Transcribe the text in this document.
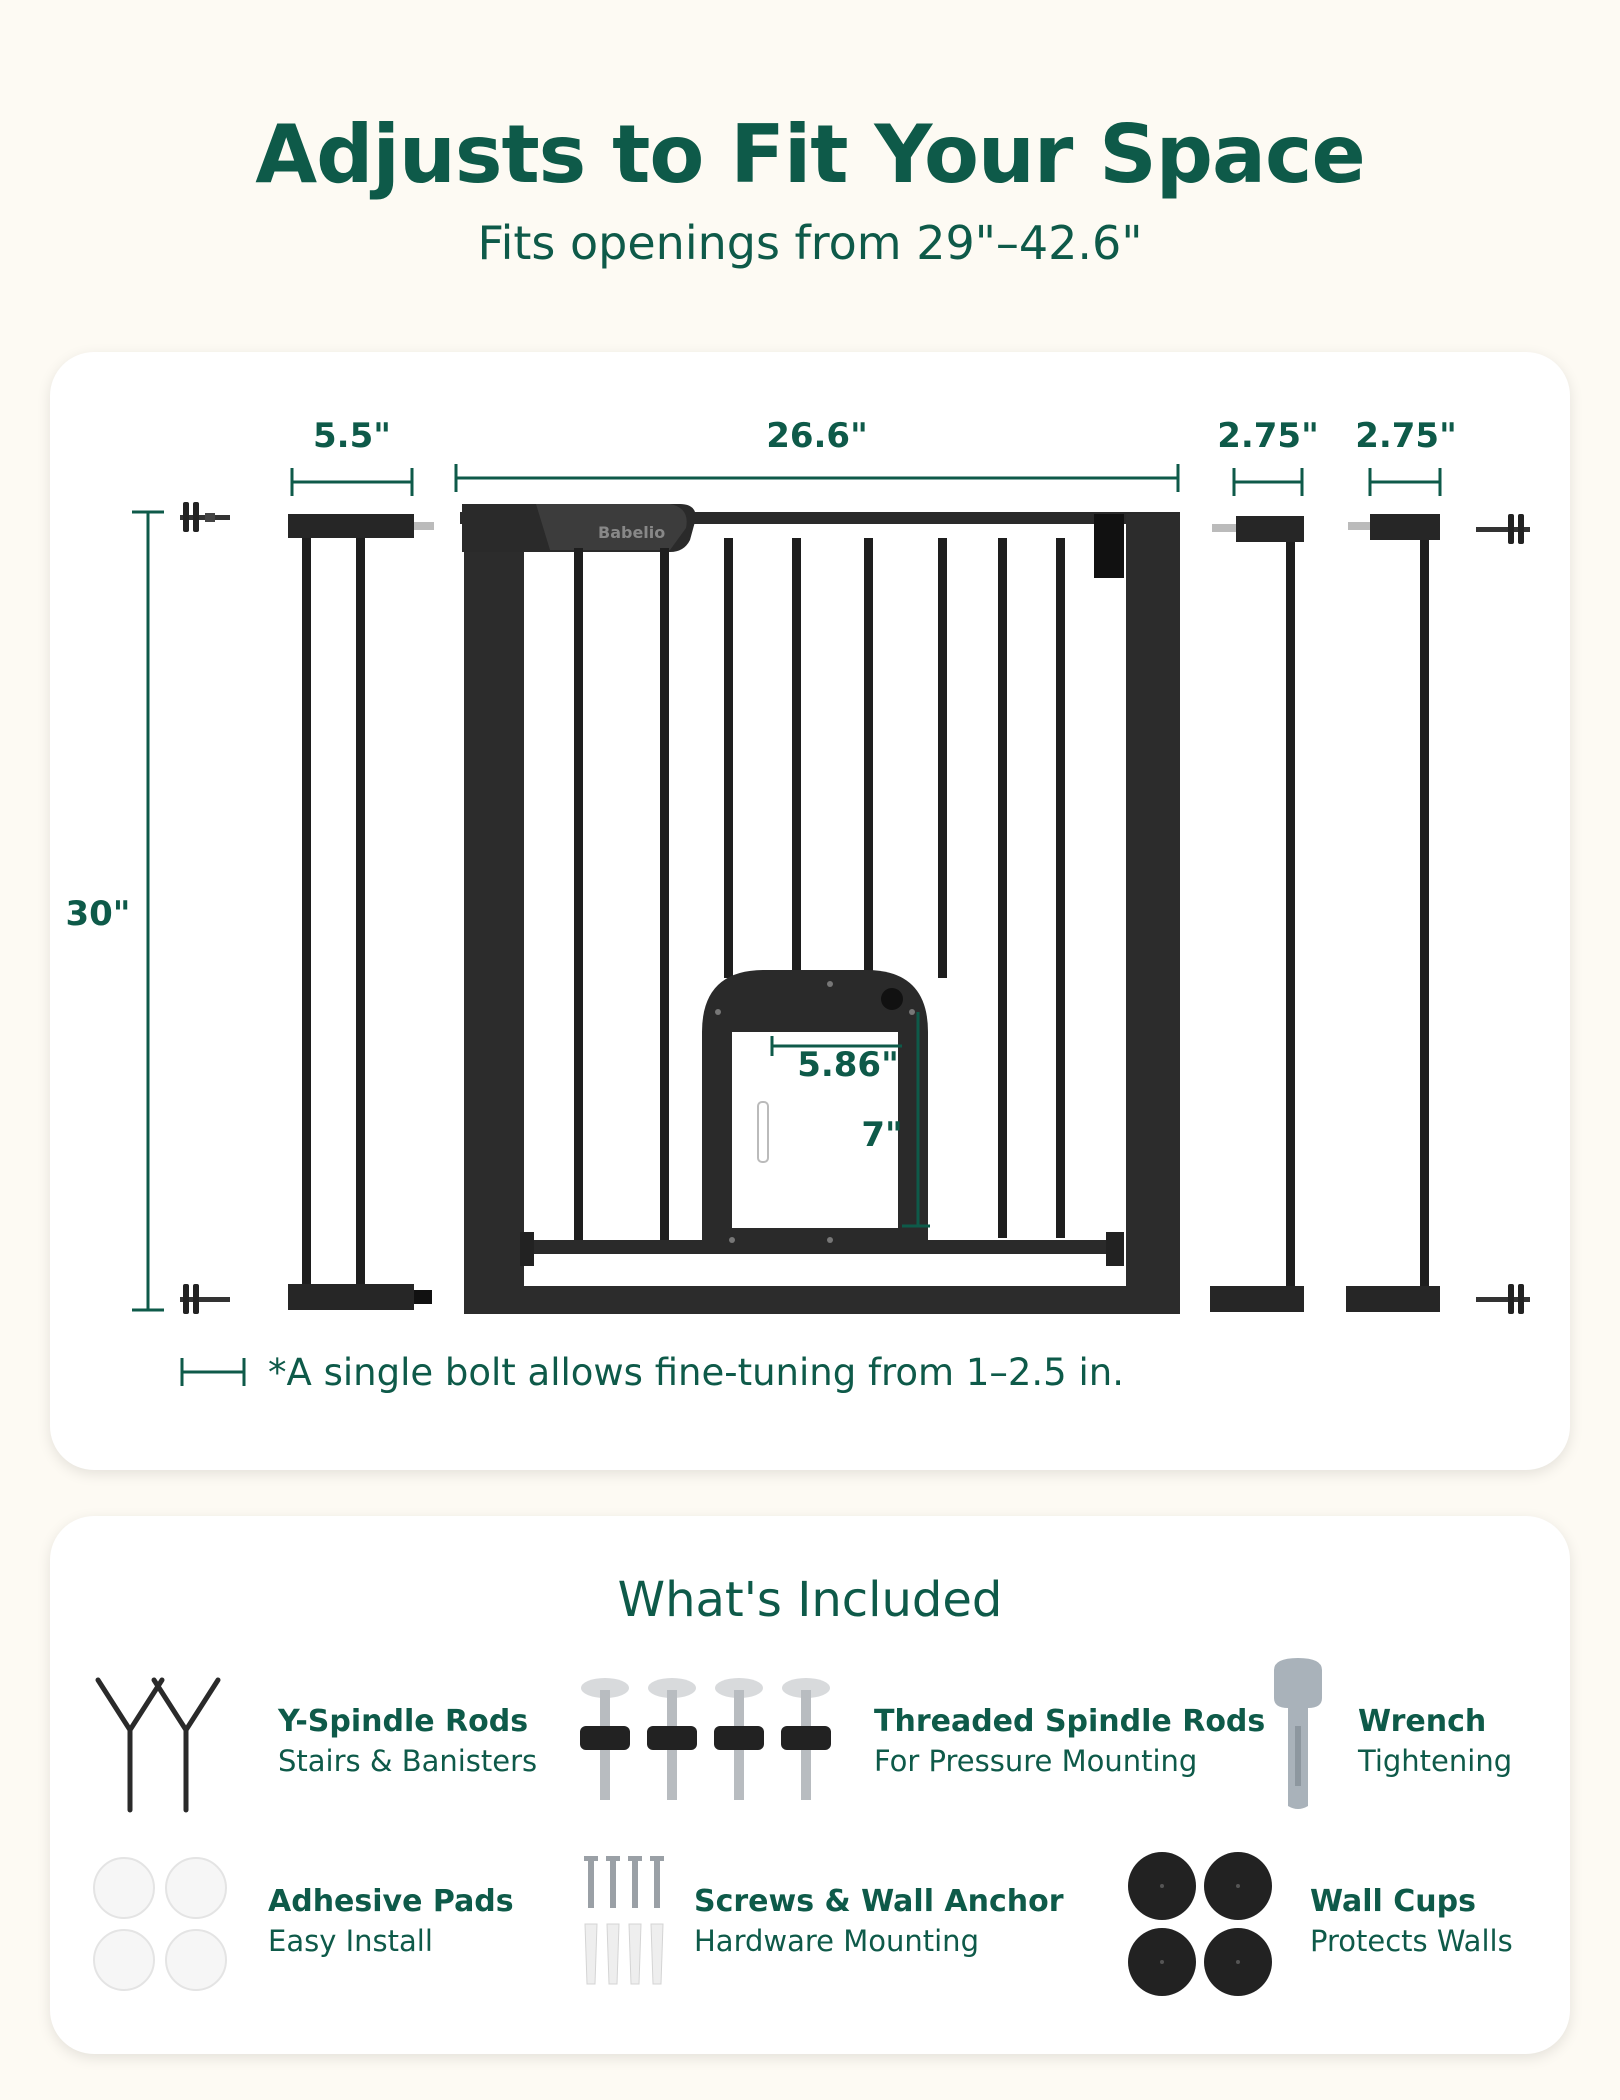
Adjusts to Fit Your Space
Fits openings from 29"–42.6"
5.5"	26.6"	2.75" 2.75"
30"
Babelio
5.86"
7"
*A single bolt allows fine-tuning from 1–2.5 in.
What's Included
Y-Spindle Rods
Stairs & Banisters
Threaded Spindle Rods
For Pressure Mounting
Wrench
Tightening
Adhesive Pads
Easy Install
Screws & Wall Anchor
Hardware Mounting
Wall Cups
Protects Walls
